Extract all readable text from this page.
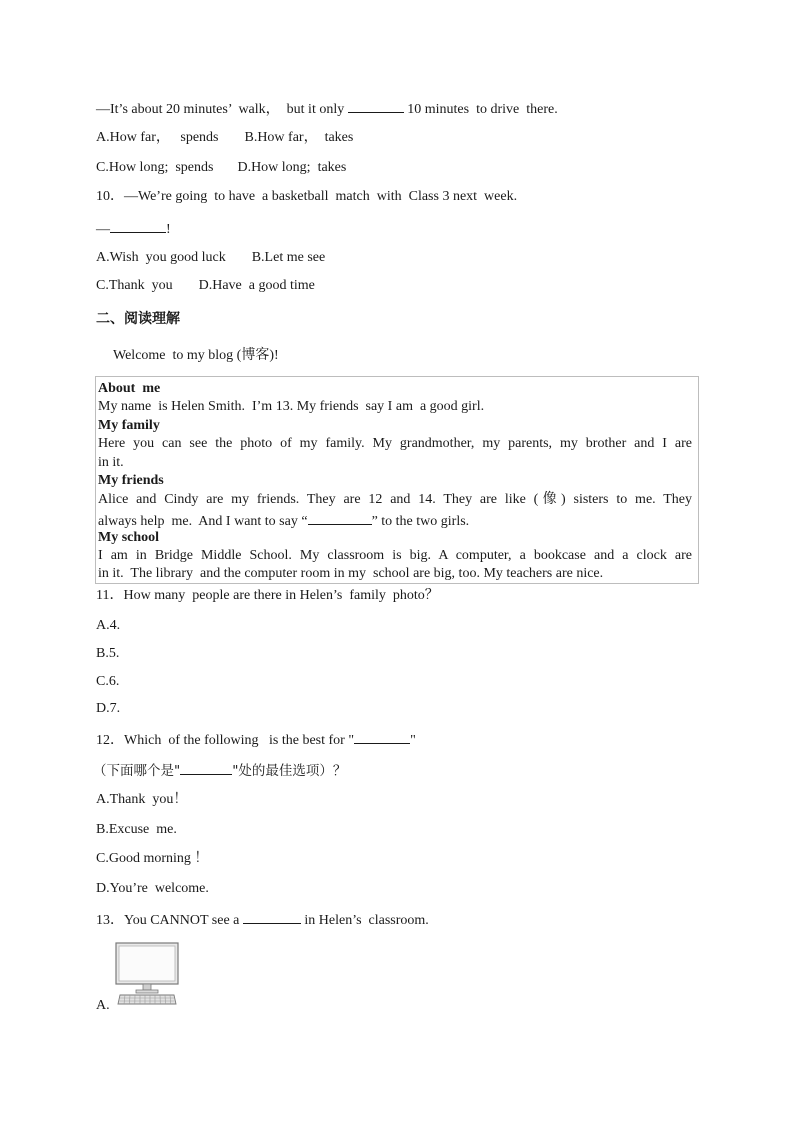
—It’s about 20 minutes’  walk，  but it only	10 minutes  to drive  there.
A.How far，   spends B.How far，  takes
C.How long;  spends D.How long;  takes
10．—We’re going  to have  a basketball  match  with  Class 3 next  week.
—	!
A.Wish  you good luck B.Let me see
C.Thank  you D.Have  a good time
二、阅读理解
Welcome  to my blog (博客)!
About  me
My name  is Helen Smith.  I’m 13. My friends  say I am  a good girl.
My family
Here you can see the photo of my family. My grandmother, my parents, my brother and I are
in it.
My friends
Alice and Cindy are my friends. They are 12 and 14. They are like (像) sisters to me. They
always help  me.  And I want to say “	” to the two girls.
My school
I am in Bridge Middle School. My classroom is big. A computer, a bookcase and a clock are
in it.  The library  and the computer room in my  school are big, too. My teachers are nice.
11．How many  people are there in Helen’s  family  photo？
A.4.
B.5.
C.6.
D.7.
12．Which  of the following   is the best for "	"
（下面哪个是"	"处的最佳选项）？
A.Thank  you！
B.Excuse  me.
C.Good morning ！
D.You’re  welcome.
13．You CANNOT see a	in Helen’s  classroom.
A.
